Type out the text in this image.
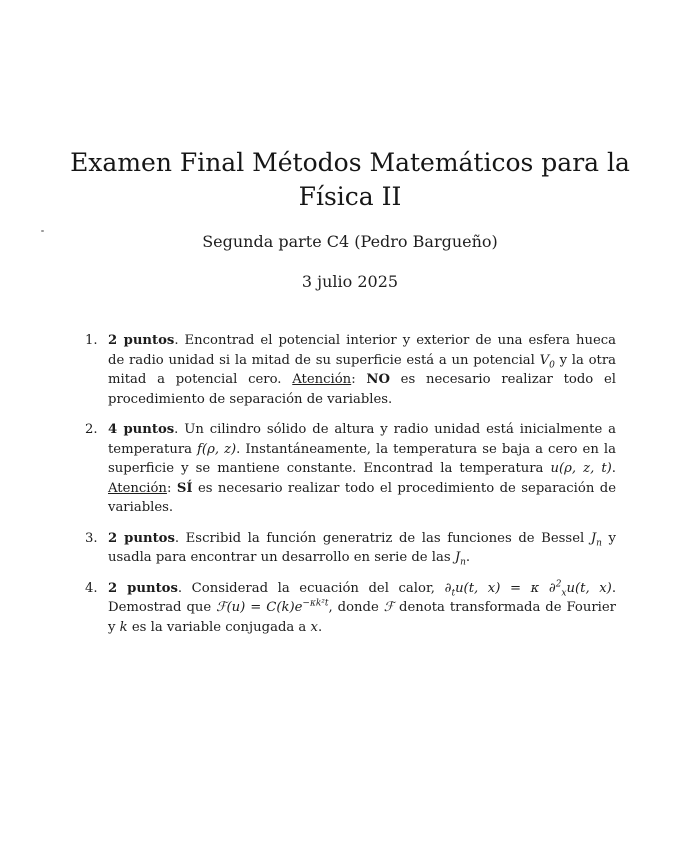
Examen Final Métodos Matemáticos para la
Física II
Segunda parte C4 (Pedro Bargueño)
3 julio 2025
1. 2 puntos. Encontrad el potencial interior y exterior de una esfera hueca de radio unidad si la mitad de su superficie está a un potencial $V_0$ y la otra mitad a potencial cero. Atención: NO es necesario realizar todo el procedimiento de separación de variables.
2. 4 puntos. Un cilindro sólido de altura y radio unidad está inicialmente a temperatura f(ρ, z). Instantáneamente, la temperatura se baja a cero en la superficie y se mantiene constante. Encontrad la temperatura u(ρ, z, t). Atención: SÍ es necesario realizar todo el procedimiento de separación de variables.
3. 2 puntos. Escribid la función generatriz de las funciones de Bessel $J_n$ y usadla para encontrar un desarrollo en serie de las $J_n$.
4. 2 puntos. Considerad la ecuación del calor, $\partial_tu(t$, x) = κ ∂$^2_x$u(t, x). Demostrad que ℱ(u) = $C(k)e^{-\kappa k^2t}$, donde ℱ denota transformada de Fourier y k es la variable conjugada a x.
